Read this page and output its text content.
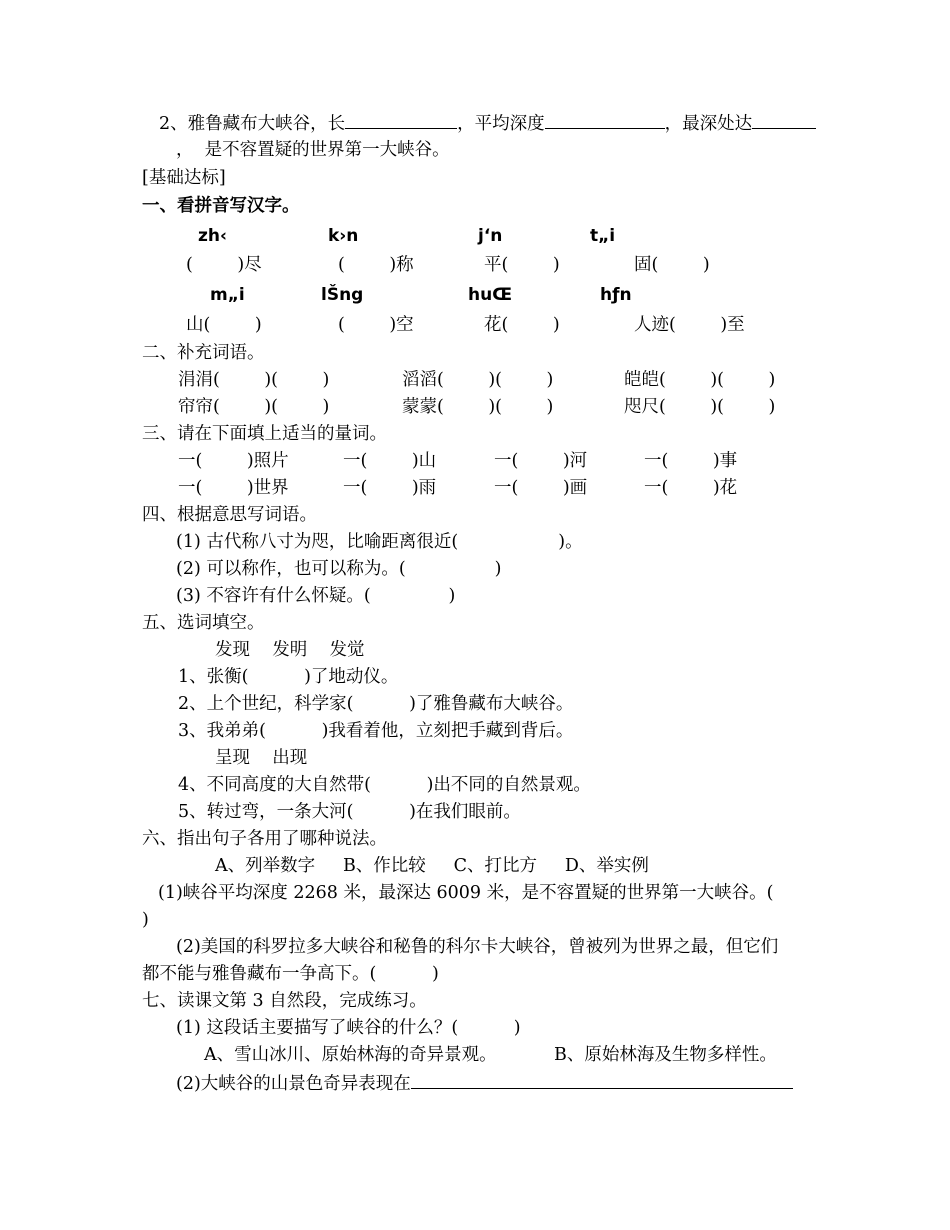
2、雅鲁藏布大峡谷，长	，平均深度	，最深处达
，  是不容置疑的世界第一大峡谷。
[基础达标]
一、看拼音写汉字。
zh‹	k›n	j‘n	t„i
(        )尽	(        )称	平(        )	固(        )
m„i	lŠng	huŒ	hƒn
山(        )	(        )空	花(        )	人迹(        )至
二、补充词语。
涓涓(        )(        )	滔滔(        )(        )	皑皑(        )(        )
帘帘(        )(        )	蒙蒙(        )(        )	咫尺(        )(        )
三、请在下面填上适当的量词。
一(        )照片	一(        )山	一(        )河	一(        )事
一(        )世界	一(        )雨	一(        )画	一(        )花
四、根据意思写词语。
(1) 古代称八寸为咫，比喻距离很近(                  )。
(2) 可以称作，也可以称为。(                )
(3) 不容许有什么怀疑。(              )
五、选词填空。
发现    发明    发觉
1、张衡(          )了地动仪。
2、上个世纪，科学家(          )了雅鲁藏布大峡谷。
3、我弟弟(          )我看着他，立刻把手藏到背后。
呈现    出现
4、不同高度的大自然带(          )出不同的自然景观。
5、转过弯，一条大河(          )在我们眼前。
六、指出句子各用了哪种说法。
A、列举数字     B、作比较     C、打比方     D、举实例
(1)峡谷平均深度 2268 米，最深达 6009 米，是不容置疑的世界第一大峡谷。(
)
(2)美国的科罗拉多大峡谷和秘鲁的科尔卡大峡谷，曾被列为世界之最，但它们
都不能与雅鲁藏布一争高下。(          )
七、读课文第 3 自然段，完成练习。
(1) 这段话主要描写了峡谷的什么？(          )
A、雪山冰川、原始林海的奇异景观。	B、原始林海及生物多样性。
(2)大峡谷的山景色奇异表现在
